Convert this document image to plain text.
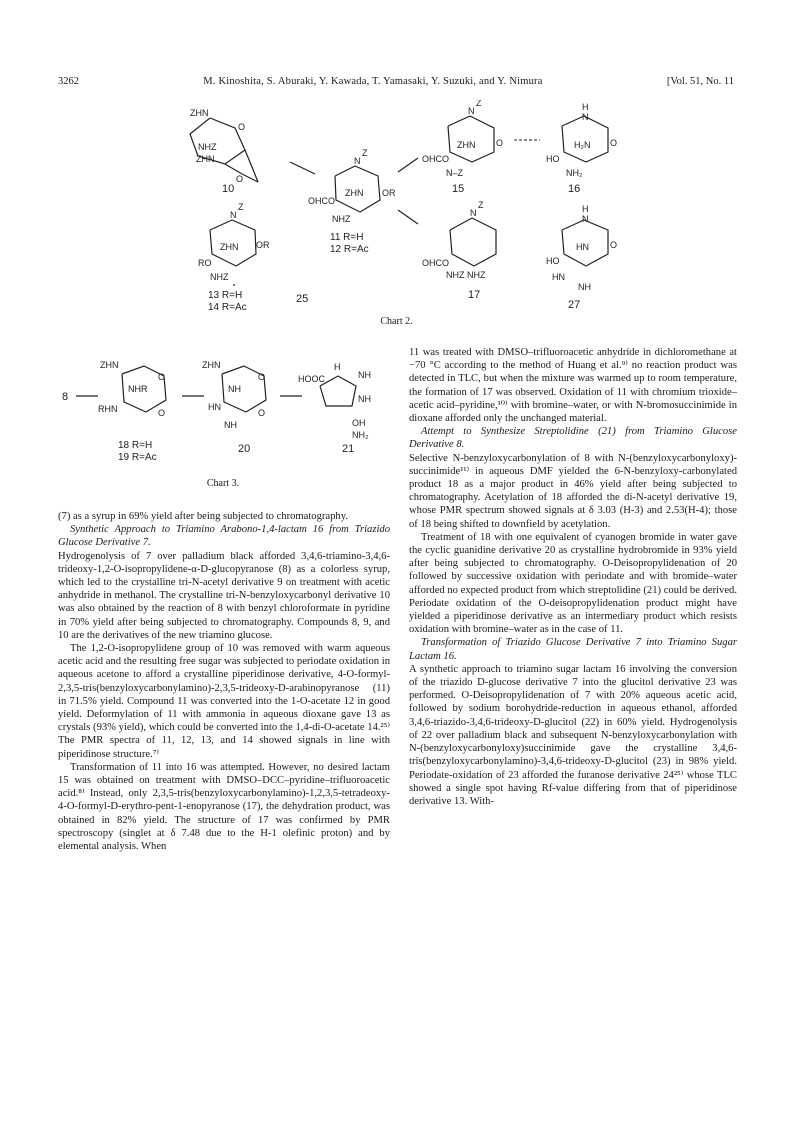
3262	M. Kinoshita, S. Aburaki, Y. Kawada, T. Yamasaki, Y. Suzuki, and Y. Nimura	[Vol. 51, No. 11
ZHN
O
NHZ
ZHN
O
10
N
Z
ZHN OR
OHCO
NHZ
11 R=H
12 R=Ac
N
Z
ZHN O
OHCO
N–Z
15
H
N
H₂N O
HO
NH₂
16
N
Z
ZHN OR
RO
NHZ
13 R=H
14 R=Ac
25
N
Z
OHCO
NHZ NHZ
17
H
N
HN O
HO
HN
NH
27
Chart 2.
8
ZHN
O
NHR
RHN	O
18 R=H
19 R=Ac
ZHN
O
NH
HN
NH
O
20
H
HOOC	NH
NH
OH
NH₂
21
Chart 3.

(7) as a syrup in 69% yield after being subjected to chromatography.

Synthetic Approach to Triamino Arabono-1,4-lactam 16 from Triazido Glucose Derivative 7.

Hydrogenolysis of 7 over palladium black afforded 3,4,6-triamino-3,4,6-trideoxy-1,2-O-isopropylidene-α-D-glucopyranose (8) as a colorless syrup, which led to the crystalline tri-N-acetyl derivative 9 on treatment with acetic anhydride in methanol. The crystalline tri-N-benzyloxycarbonyl derivative 10 was also obtained by the reaction of 8 with benzyl chloroformate in pyridine in 70% yield after being subjected to chromatography. Compounds 8, 9, and 10 are the derivatives of the new triamino glucose.

The 1,2-O-isopropylidene group of 10 was removed with warm aqueous acetic acid and the resulting free sugar was subjected to periodate oxidation in aqueous acetone to afford a crystalline piperidinose derivative, 4-O-formyl-2,3,5-tris(benzyloxycarbonylamino)-2,3,5-trideoxy-D-arabinopyranose (11) in 71.5% yield. Compound 11 was converted into the 1-O-acetate 12 in good yield. Deformylation of 11 with ammonia in aqueous dioxane gave 13 as crystals (93% yield), which could be converted into the 1,4-di-O-acetate 14.²⁵⁾ The PMR spectra of 11, 12, 13, and 14 showed signals in line with piperidinose structure.⁷⁾

Transformation of 11 into 16 was attempted. However, no desired lactam 15 was obtained on treatment with DMSO–DCC–pyridine–trifluoroacetic acid.⁸⁾ Instead, only 2,3,5-tris(benzyloxycarbonylamino)-1,2,3,5-tetradeoxy-4-O-formyl-D-erythro-pent-1-enopyranose (17), the dehydration product, was obtained in 82% yield. The structure of 17 was confirmed by PMR spectroscopy (singlet at δ 7.48 due to the H-1 olefinic proton) and by elemental analysis. When

11 was treated with DMSO–trifluoroacetic anhydride in dichloromethane at −70 °C according to the method of Huang et al.⁹⁾ no reaction product was detected in TLC, but when the mixture was warmed up to room temperature, the formation of 17 was observed. Oxidation of 11 with chromium trioxide–acetic acid–pyridine,¹⁰⁾ with bromine–water, or with N-bromosuccinimide in dioxane afforded only the unchanged material.

Attempt to Synthesize Streptolidine (21) from Triamino Glucose Derivative 8.

Selective N-benzyloxycarbonylation of 8 with N-(benzyloxycarbonyloxy)-succinimide¹¹⁾ in aqueous DMF yielded the 6-N-benzyloxy-carbonylated product 18 as a major product in 46% yield after being subjected to chromatography. Acetylation of 18 afforded the di-N-acetyl derivative 19, whose PMR spectrum showed signals at δ 3.03 (H-3) and 2.53(H-4); those of 18 being shifted to downfield by acetylation.

Treatment of 18 with one equivalent of cyanogen bromide in water gave the cyclic guanidine derivative 20 as crystalline hydrobromide in 93% yield after being subjected to chromatography. O-Deisopropylidenation of 20 followed by successive oxidation with periodate and with bromide–water afforded no expected product from which streptolidine (21) could be derived. Periodate oxidation of the O-deisopropylidenation product might have yielded a piperidinose derivative as an intermediary product which resists oxidation with bromine–water as in the case of 11.

Transformation of Triazido Glucose Derivative 7 into Triamino Sugar Lactam 16.

A synthetic approach to triamino sugar lactam 16 involving the conversion of the triazido D-glucose derivative 7 into the glucitol derivative 23 was performed. O-Deisopropylidenation of 7 with 20% aqueous acetic acid, followed by sodium borohydride-reduction in aqueous ethanol, afforded 3,4,6-triazido-3,4,6-trideoxy-D-glucitol (22) in 60% yield. Hydrogenolysis of 22 over palladium black and subsequent N-benzyloxycarbonylation with N-(benzyloxycarbonyloxy)succinimide gave the crystalline 3,4,6-tris(benzyloxycarbonylamino)-3,4,6-trideoxy-D-glucitol (23) in 98% yield. Periodate-oxidation of 23 afforded the furanose derivative 24²⁵⁾ whose TLC showed a single spot having Rf-value differing from that of piperidinose derivative 13. With-
